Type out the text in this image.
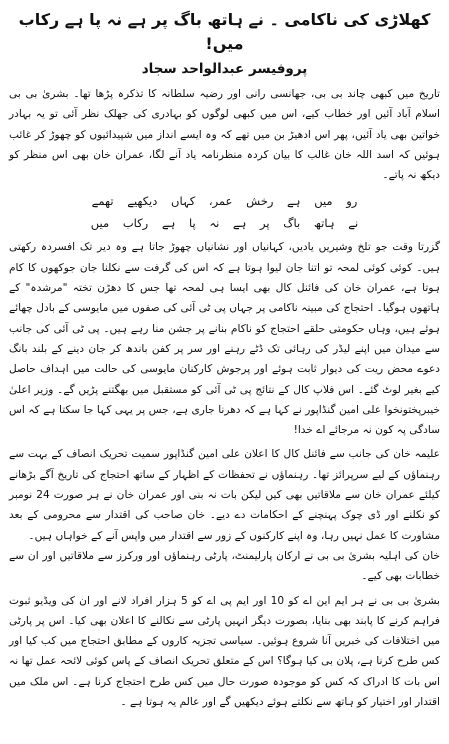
کھلاڑی کی ناکامی ۔ نے ہاتھ باگ پر ہے نہ پا ہے رکاب میں!
پروفیسر عبدالواحد سجاد

تاریخ میں کبھی چاند بی بی، جھانسی رانی اور رضیہ سلطانہ کا تذکرہ پڑھا تھا۔ بشریٰ بی بی اسلام آباد آئیں اور خطاب کیے، اس میں کبھی لوگوں کو بہادری کی جھلک نظر آئی تو یہ بہادر خواتین بھی یاد آئیں، پھر اس ادھیڑ بن میں تھے کہ وہ ایسے انداز میں شپیدائیوں کو چھوڑ کر غائب ہوئیں کہ اسد اللہ خان غالب کا بیان کردہ منظرنامہ یاد آنے لگا، عمران خان بھی اس منظر کو دیکھ نہ پاتے۔

رو میں ہے رخش عمر، کہاں دیکھیے تھمے
نے ہاتھ باگ پر ہے نہ پا ہے رکاب میں

گزرتا وقت جو تلخ وشیریں یادیں، کہانیاں اور نشانیاں چھوڑ جاتا ہے وہ دیر تک افسردہ رکھتی ہیں۔ کوئی کوئی لمحہ تو اتنا جان لیوا ہوتا ہے کہ اس کی گرفت سے نکلنا جان جوکھوں کا کام ہوتا ہے، عمران خان کی فائنل کال بھی ایسا ہی لمحہ تھا جس کا دھڑن تختہ "مرشدہ" کے ہاتھوں ہوگیا۔ احتجاج کی مبینہ ناکامی پر جہاں پی ٹی آئی کی صفوں میں مایوسی کے بادل چھائے ہوئے ہیں، وہاں حکومتی حلقے احتجاج کو ناکام بنانے پر جشن منا رہے ہیں۔ پی ٹی آئی کی جانب سے میدان میں اپنے لیڈر کی رہائی تک ڈٹے رہنے اور سر پر کفن باندھ کر جان دینے کے بلند بانگ دعوے محض ریت کی دیوار ثابت ہوئے اور پرجوش کارکنان مایوسی کی حالت میں اہداف حاصل کیے بغیر لوٹ گئے۔ اس فلاپ کال کے نتائج پی ٹی آئی کو مستقبل میں بھگتنے پڑیں گے۔ وزیر اعلیٰ خیبرپختونخوا علی امین گنڈاپور نے کہا ہے کہ دھرنا جاری ہے، جس پر یہی کہا جا سکتا ہے کہ اس سادگی پہ کون نہ مرجائے اے خدا!

علیمہ خان کی جانب سے فائنل کال کا اعلان علی امین گنڈاپور سمیت تحریک انصاف کے بہت سے رہنماؤں کے لیے سرپرائز تھا۔ رہنماؤں نے تحفظات کے اظہار کے ساتھ احتجاج کی تاریخ آگے بڑھانے کیلئے عمران خان سے ملاقاتیں بھی کیں لیکن بات نہ بنی اور عمران خان نے ہر صورت 24 نومبر کو نکلنے اور ڈی چوک پہنچنے کے احکامات دے دیے۔ خان صاحب کی اقتدار سے محرومی کے بعد مشاورت کا عمل نہیں رہا، وہ اپنے کارکنوں کے زور سے اقتدار میں واپس آنے کے خواہاں ہیں۔

خان کی اہلیہ بشریٰ بی بی نے ارکان پارلیمنٹ، پارٹی رہنماؤں اور ورکرز سے ملاقاتیں اور ان سے خطابات بھی کیے۔

بشریٰ بی بی نے ہر ایم این اے کو 10 اور ایم پی اے کو 5 ہزار افراد لانے اور ان کی ویڈیو ثبوت فراہم کرنے کا پابند بھی بنایا، بصورت دیگر انہیں پارٹی سے نکالنے کا اعلان بھی کیا۔ اس پر پارٹی میں اختلافات کی خبریں آنا شروع ہوئیں۔ سیاسی تجزیہ کاروں کے مطابق احتجاج میں کب کیا اور کس طرح کرنا ہے، پلان بی کیا ہوگا؟ اس کے متعلق تحریک انصاف کے پاس کوئی لائحہ عمل تھا نہ اس بات کا ادراک کہ کس کو موجودہ صورت حال میں کس طرح احتجاج کرنا ہے۔ اس ملک میں اقتدار اور اختیار کو ہاتھ سے نکلتے ہوئے دیکھیں گے اور عالم یہ ہوتا ہے ۔
